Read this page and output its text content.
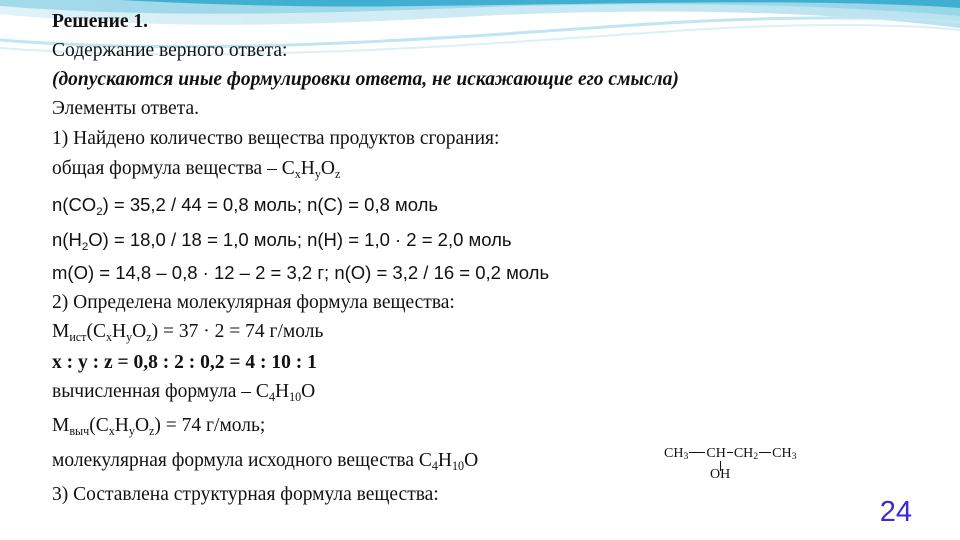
Решение 1.
Содержание верного ответа:
(допускаются иные формулировки ответа, не искажающие его смысла)
Элементы ответа.
1) Найдено количество вещества продуктов сгорания:
общая формула вещества – $C_xH_yO_z$
$n(CO_2) = 35,2 / 44 = 0,8$ моль; n(C) = 0,8 моль
$n(H_2O) = 18,0 / 18 = 1,0$ моль; n(H) = 1,0 · 2 = 2,0 моль
m(O) = 14,8 – 0,8 · 12 – 2 = 3,2 г; n(O) = 3,2 / 16 = 0,2 моль
2) Определена молекулярная формула вещества:
$M_{ист}(C_xH_yO_z) = 37 \cdot 2 = 74$ г/моль
x : y : z = 0,8 : 2 : 0,2 = 4 : 10 : 1
вычисленная формула – $C_4H_{10}O$
$M_{выч}(C_xH_yO_z) = 74$ г/моль;
молекулярная формула исходного вещества $C_4H_{10}O$
3) Составлена структурная формула вещества:
$CH_3$ CH $CH_2$ $CH_3$
OH
24
